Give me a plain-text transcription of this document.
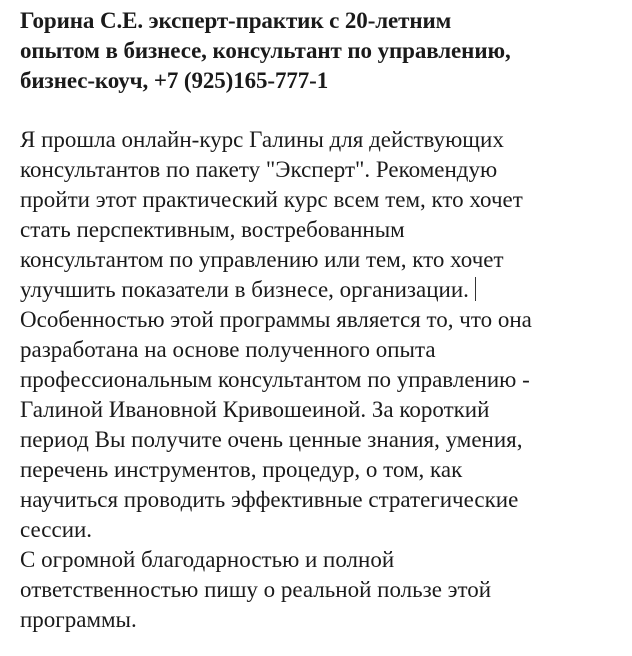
Горина С.Е. эксперт-практик с 20-летним
опытом в бизнесе, консультант по управлению,
бизнес-коуч, +7 (925)165-777-1
Я прошла онлайн-курс Галины для действующих
консультантов по пакету "Эксперт". Рекомендую
пройти этот практический курс всем тем, кто хочет
стать перспективным, востребованным
консультантом по управлению или тем, кто хочет
улучшить показатели в бизнесе, организации.
Особенностью этой программы является то, что она
разработана на основе полученного опыта
профессиональным консультантом по управлению -
Галиной Ивановной Кривошеиной. За короткий
период Вы получите очень ценные знания, умения,
перечень инструментов, процедур, о том, как
научиться проводить эффективные стратегические
сессии.
С огромной благодарностью и полной
ответственностью пишу о реальной пользе этой
программы.
